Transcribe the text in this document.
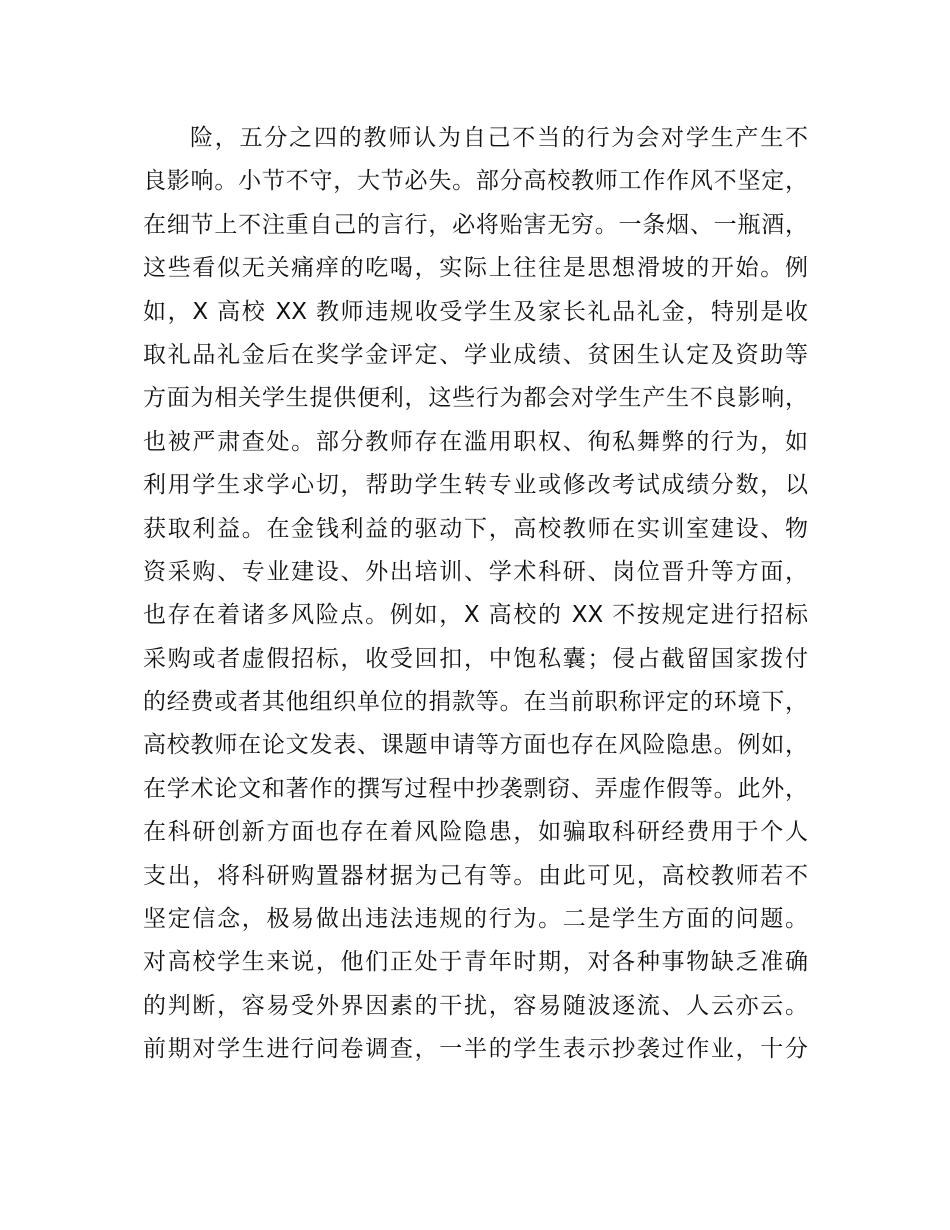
险，五分之四的教师认为自己不当的行为会对学生产生不
良影响。小节不守，大节必失。部分高校教师工作作风不坚定，
在细节上不注重自己的言行，必将贻害无穷。一条烟、一瓶酒，
这些看似无关痛痒的吃喝，实际上往往是思想滑坡的开始。例
如，X 高校 XX 教师违规收受学生及家长礼品礼金，特别是收
取礼品礼金后在奖学金评定、学业成绩、贫困生认定及资助等
方面为相关学生提供便利，这些行为都会对学生产生不良影响，
也被严肃查处。部分教师存在滥用职权、徇私舞弊的行为，如
利用学生求学心切，帮助学生转专业或修改考试成绩分数，以
获取利益。在金钱利益的驱动下，高校教师在实训室建设、物
资采购、专业建设、外出培训、学术科研、岗位晋升等方面，
也存在着诸多风险点。例如，X 高校的 XX 不按规定进行招标
采购或者虚假招标，收受回扣，中饱私囊；侵占截留国家拨付
的经费或者其他组织单位的捐款等。在当前职称评定的环境下，
高校教师在论文发表、课题申请等方面也存在风险隐患。例如，
在学术论文和著作的撰写过程中抄袭剽窃、弄虚作假等。此外，
在科研创新方面也存在着风险隐患，如骗取科研经费用于个人
支出，将科研购置器材据为己有等。由此可见，高校教师若不
坚定信念，极易做出违法违规的行为。二是学生方面的问题。
对高校学生来说，他们正处于青年时期，对各种事物缺乏准确
的判断，容易受外界因素的干扰，容易随波逐流、人云亦云。
前期对学生进行问卷调查，一半的学生表示抄袭过作业，十分
